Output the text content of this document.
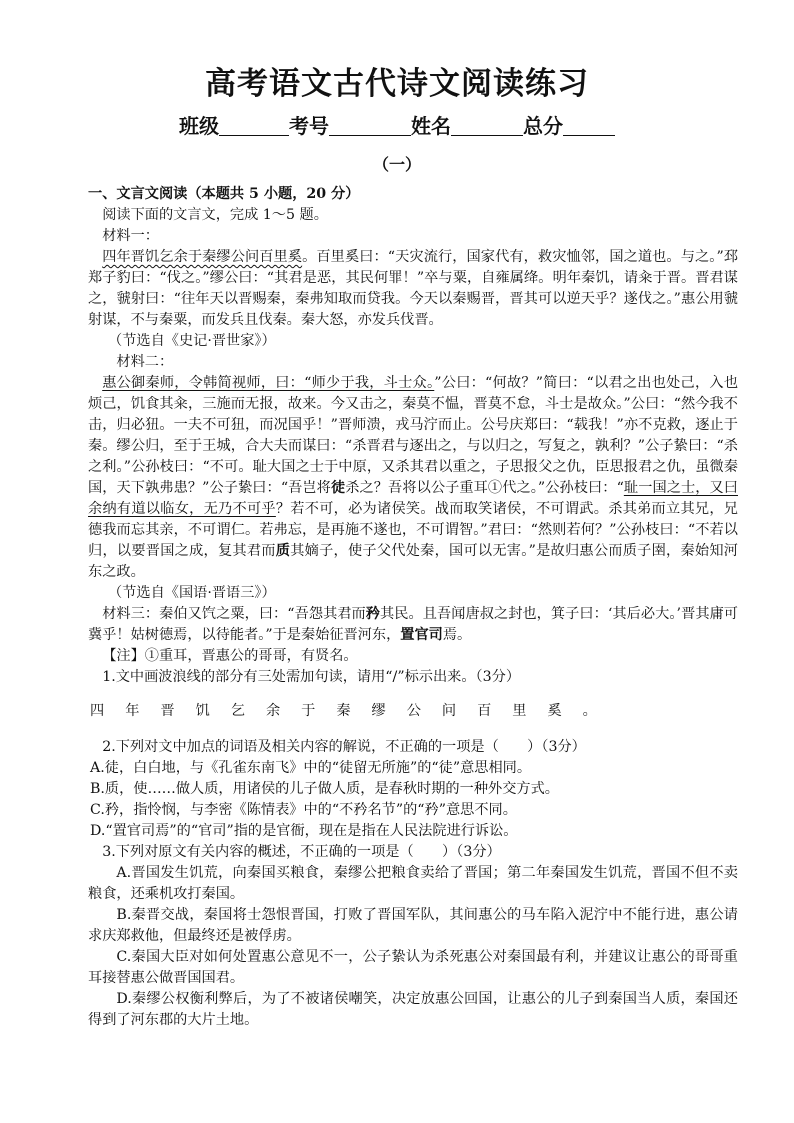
高考语文古代诗文阅读练习
班级	考号	姓名	总分
（一）

一、文言文阅读（本题共 5 小题，20 分）

阅读下面的文言文，完成 1～5 题。

材料一：

四年晋饥乞余于秦缪公问百里奚。百里奚曰：“天灾流行，国家代有，救灾恤邻，国之道也。与之。”邳郑子豹曰：“伐之。”缪公曰：“其君是恶，其民何罪！”卒与粟，自雍属绛。明年秦饥，请籴于晋。晋君谋之，虢射曰：“往年天以晋赐秦，秦弗知取而贷我。今天以秦赐晋，晋其可以逆天乎？遂伐之。”惠公用虢射谋，不与秦粟，而发兵且伐秦。秦大怒，亦发兵伐晋。

（节选自《史记·晋世家》）

材料二：

惠公御秦师，令韩简视师，曰：“师少于我，斗士众。”公曰：“何故？”简曰：“以君之出也处己，入也烦己，饥食其籴，三施而无报，故来。今又击之，秦莫不愠，晋莫不怠，斗士是故众。”公曰：“然今我不击，归必狃。一夫不可狃，而况国乎！”晋师溃，戎马泞而止。公号庆郑曰：“载我！”亦不克救，逐止于秦。缪公归，至于王城，合大夫而谋曰：“杀晋君与逐出之，与以归之，写复之，孰利？”公子絷曰：“杀之利。”公孙枝曰：“不可。耻大国之士于中原，又杀其君以重之，子思报父之仇，臣思报君之仇，虽微秦国，天下孰弗患？”公子絷曰：“吾岂将徒杀之？吾将以公子重耳①代之。”公孙枝曰：“耻一国之士，又曰余纳有道以临女，无乃不可乎？若不可，必为诸侯笑。战而取笑诸侯，不可谓武。杀其弟而立其兄，兄德我而忘其亲，不可谓仁。若弗忘，是再施不遂也，不可谓智。”君曰：“然则若何？”公孙枝曰：“不若以归，以要晋国之成，复其君而质其嫡子，使子父代处秦，国可以无害。”是故归惠公而质子圉，秦始知河东之政。

（节选自《国语·晋语三》）

材料三：秦伯又饩之粟，曰：“吾怨其君而矜其民。且吾闻唐叔之封也，箕子曰：‘其后必大。’晋其庸可冀乎！姑树德焉，以待能者。”于是秦始征晋河东，置官司焉。

【注】①重耳，晋惠公的哥哥，有贤名。

1.文中画波浪线的部分有三处需加句读，请用“/”标示出来。（3分）

四年晋饥乞余于秦缪公问百里奚。

2.下列对文中加点的词语及相关内容的解说，不正确的一项是（　　）（3分）

A.徒，白白地，与《孔雀东南飞》中的“徒留无所施”的“徒”意思相同。

B.质，使……做人质，用诸侯的儿子做人质，是春秋时期的一种外交方式。

C.矜，指怜悯，与李密《陈情表》中的“不矜名节”的“矜”意思不同。

D.“置官司焉”的“官司”指的是官衙，现在是指在人民法院进行诉讼。

3.下列对原文有关内容的概述，不正确的一项是（　　）（3分）

A.晋国发生饥荒，向秦国买粮食，秦缪公把粮食卖给了晋国；第二年秦国发生饥荒，晋国不但不卖粮食，还乘机攻打秦国。

B.秦晋交战，秦国将士怨恨晋国，打败了晋国军队，其间惠公的马车陷入泥泞中不能行进，惠公请求庆郑救他，但最终还是被俘虏。

C.秦国大臣对如何处置惠公意见不一，公子絷认为杀死惠公对秦国最有利，并建议让惠公的哥哥重耳接替惠公做晋国国君。

D.秦缪公权衡利弊后，为了不被诸侯嘲笑，决定放惠公回国，让惠公的儿子到秦国当人质，秦国还得到了河东郡的大片土地。
